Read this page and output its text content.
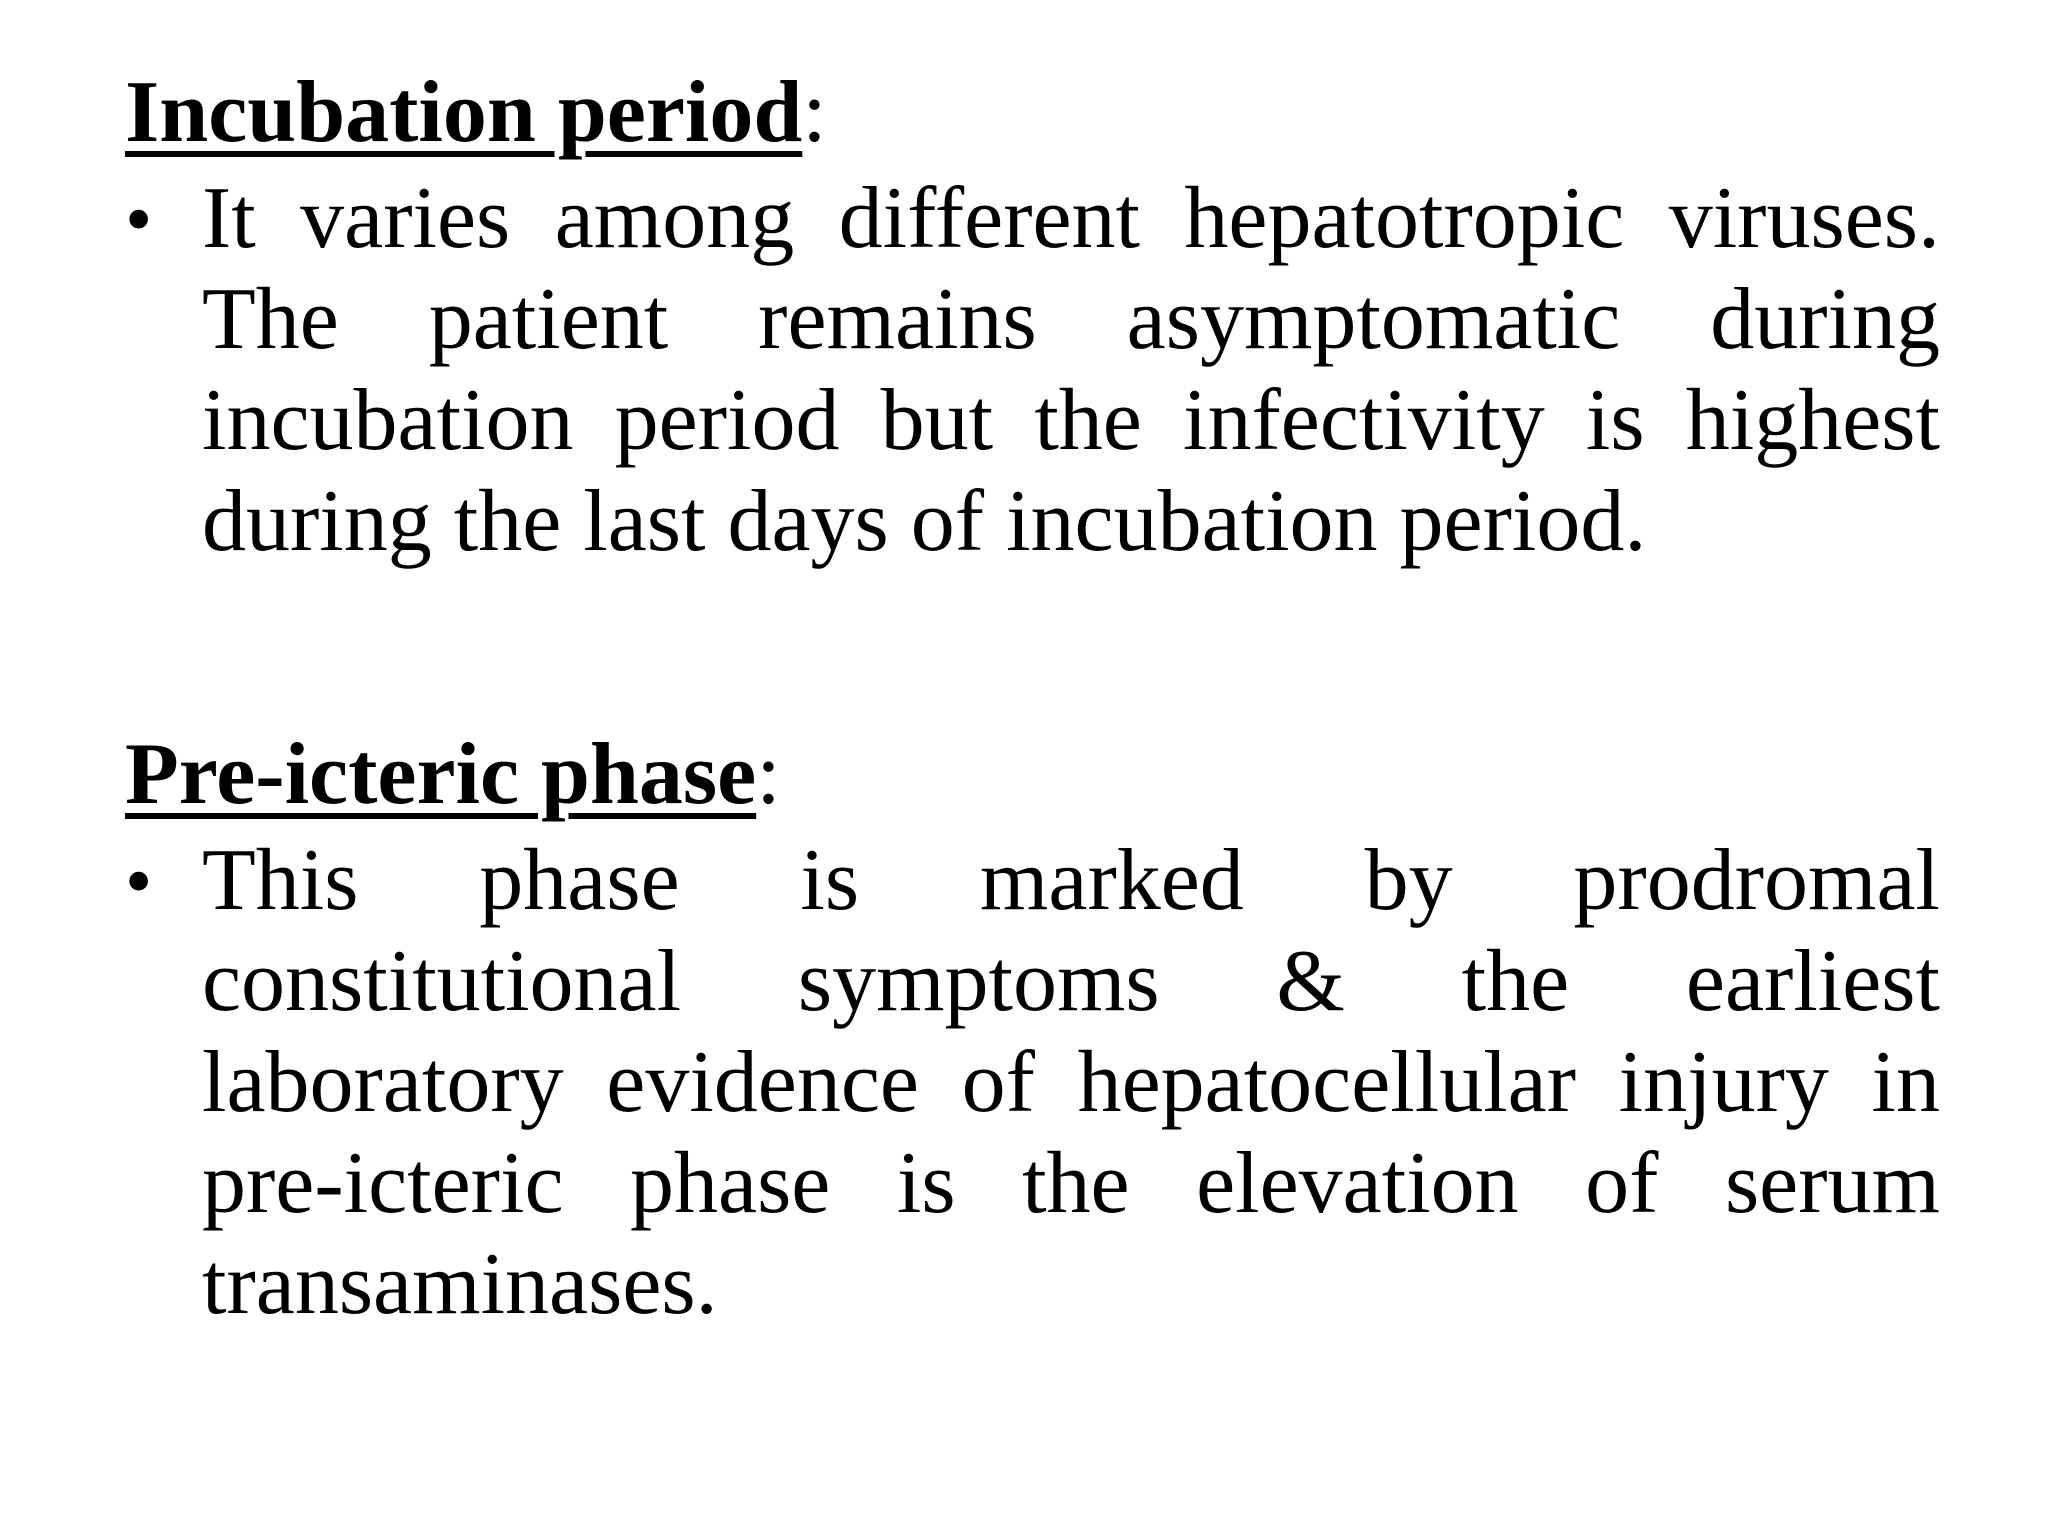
Incubation period:
• It varies among different hepatotropic viruses.
The patient remains asymptomatic during
incubation period but the infectivity is highest
during the last days of incubation period.
Pre-icteric phase:
• This phase is marked by prodromal
constitutional symptoms & the earliest
laboratory evidence of hepatocellular injury in
pre-icteric phase is the elevation of serum
transaminases.
